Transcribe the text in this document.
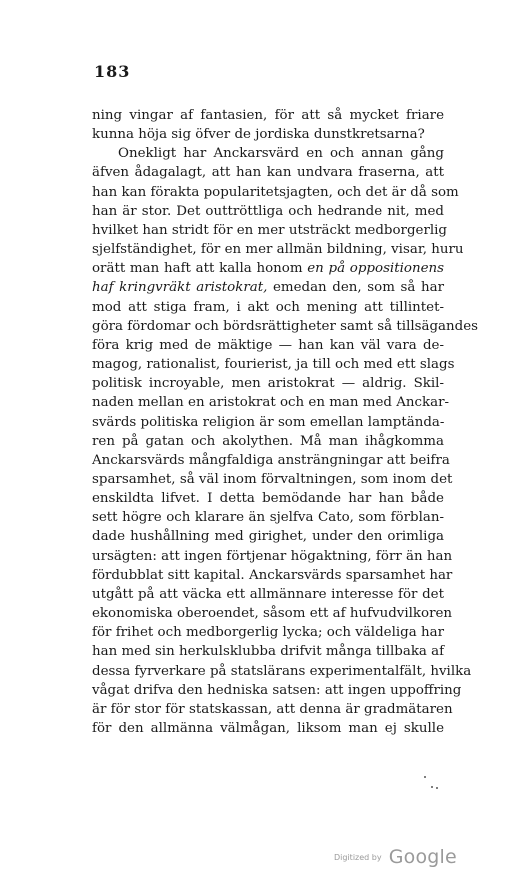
183
ning vingar af fantasien, för att så mycket friare
kunna höja sig öfver de jordiska dunstkretsarna?
Onekligt har Anckarsvärd en och annan gång
äfven ådagalagt, att han kan undvara fraserna, att
han kan förakta popularitetsjagten, och det är då som
han är stor. Det outtröttliga och hedrande nit, med
hvilket han stridt för en mer utsträckt medborgerlig
sjelfständighet, för en mer allmän bildning, visar, huru
orätt man haft att kalla honom en på oppositionens
haf kringvräkt aristokrat, emedan den, som så har
mod att stiga fram, i akt och mening att tillintet-
göra fördomar och bördsrättigheter samt så tillsägandes
föra krig med de mäktige — han kan väl vara de-
magog, rationalist, fourierist, ja till och med ett slags
politisk incroyable, men aristokrat — aldrig. Skil-
naden mellan en aristokrat och en man med Anckar-
svärds politiska religion är som emellan lamptända-
ren på gatan och akolythen. Må man ihågkomma
Anckarsvärds mångfaldiga ansträngningar att beifra
sparsamhet, så väl inom förvaltningen, som inom det
enskildta lifvet. I detta bemödande har han både
sett högre och klarare än sjelfva Cato, som förblan-
dade hushållning med girighet, under den orimliga
ursägten: att ingen förtjenar högaktning, förr än han
fördubblat sitt kapital. Anckarsvärds sparsamhet har
utgått på att väcka ett allmännare interesse för det
ekonomiska oberoendet, såsom ett af hufvudvilkoren
för frihet och medborgerlig lycka; och väldeliga har
han med sin herkulsklubba drifvit många tillbaka af
dessa fyrverkare på statslärans experimentalfält, hvilka
vågat drifva den hedniska satsen: att ingen uppoffring
är för stor för statskassan, att denna är gradmätaren
för den allmänna välmågan, liksom man ej skulle
Digitized by Google
